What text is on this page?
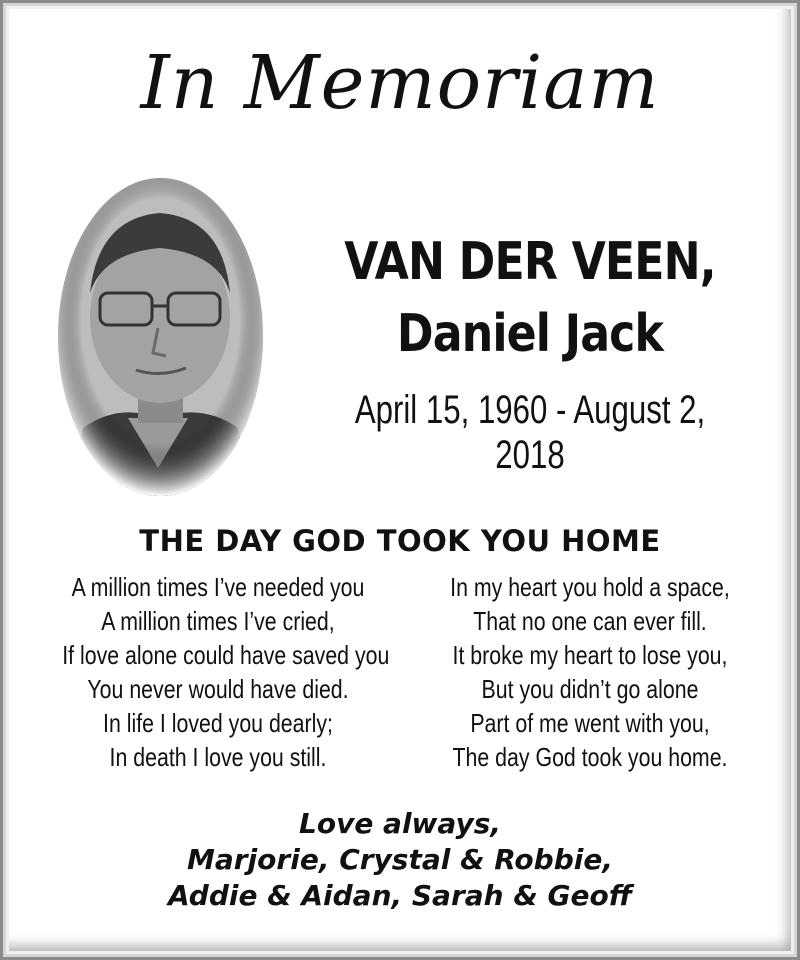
In Memoriam
VAN DER VEEN,
Daniel Jack
April 15, 1960 - August 2, 2018
THE DAY GOD TOOK YOU HOME
A million times I’ve needed you
A million times I’ve cried,
If love alone could have saved you
You never would have died.
In life I loved you dearly;
In death I love you still.
In my heart you hold a space,
That no one can ever fill.
It broke my heart to lose you,
But you didn’t go alone
Part of me went with you,
The day God took you home.
Love always,
Marjorie, Crystal & Robbie,
Addie & Aidan, Sarah & Geoff
